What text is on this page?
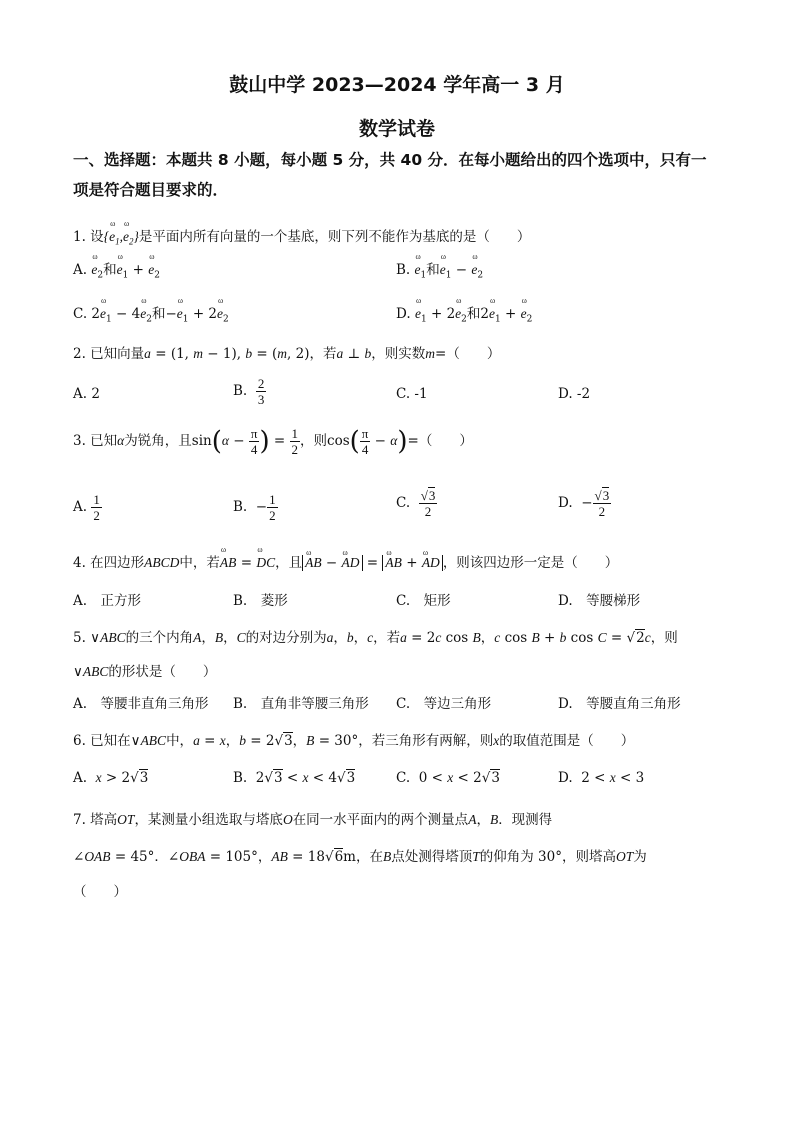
鼓山中学 2023—2024 学年高一 3 月
数学试卷
一、选择题：本题共 8 小题，每小题 5 分，共 40 分．在每小题给出的四个选项中，只有一项是符合题目要求的．
1. 设{ω $e_1,\omega$ $e_2$}是平面内所有向量的一个基底，则下列不能作为基底的是（　　）
A. ω $e_2$和ω $e_1 + \omega$ $e_2$	B. ω $e_1$和ω $e_1 - \omega$ $e_2$
C. 2ω $e_1 - 4\omega$ $e_2$和−ω $e_1 + 2\omega$ $e_2$	D. ω $e_1 + 2\omega$ $e_2$和2ω $e_1 + \omega$ $e_2$
2. 已知向量a = (1, m − 1), b = (m, 2)，若a ⊥ b，则实数m=（　　）
A. 2	B. $\frac{2}{3}$	C. -1	D. -2
3. 已知α为锐角，且$\sin(\alpha - \frac{\pi}{4}$ ) = $\frac{1}{2}$ ，则$\cos( \frac{\pi}{4} - \alpha)=$（　　）
A. $\frac{1}{2}$	B.  − $\frac{1}{2}$	C. $\frac{√3}{2}$	D.  − $\frac{√3}{2}$
4. 在四边形ABCD中，若ω AB = ω DC，且 ω AB − ω AD = ω AB + ω AD ，则该四边形一定是（　　）
A.　正方形	B.　菱形	C.　矩形	D.　等腰梯形
5. ∨ABC的三个内角A，B，C的对边分别为a，b，c，若a = 2c cos B，c cos B + b cos C = √2c，则
∨ABC的形状是（　　）
A.　等腰非直角三角形 B.　直角非等腰三角形 C.　等边三角形	D.　等腰直角三角形
6. 已知在∨ABC中，a = x，b = 2√3，B = 30°，若三角形有两解，则x的取值范围是（　　）
A. x > 2√3	B.  2√3 < x < 4√3	C.  0 < x < 2√3	D.  2 < x < 3
7. 塔高OT，某测量小组选取与塔底O在同一水平面内的两个测量点A，B．现测得
∠OAB = 45°．∠OBA = 105°，AB = 18√6m，在B点处测得塔顶T的仰角为 30°，则塔高OT为
（　　）
